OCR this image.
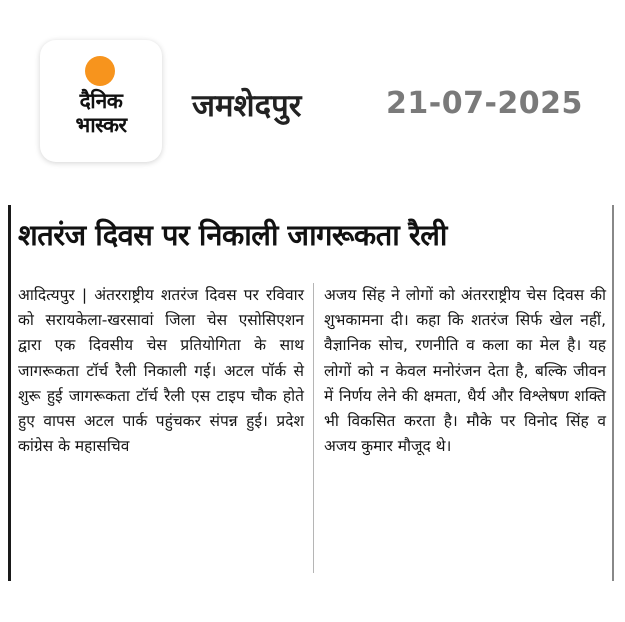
दैनिक
भास्कर
जमशेदपुर	21-07-2025
शतरंज दिवस पर निकाली जागरूकता रैली
आदित्यपुर | अंतरराष्ट्रीय शतरंज दिवस पर रविवार को सरायकेला-खरसावां जिला चेस एसोसिएशन द्वारा एक दिवसीय चेस प्रतियोगिता के साथ जागरूकता टॉर्च रैली निकाली गई। अटल पॉर्क से शुरू हुई जागरूकता टॉर्च रैली एस टाइप चौक होते हुए वापस अटल पार्क पहुंचकर संपन्न हुई। प्रदेश कांग्रेस के महासचिव
अजय सिंह ने लोगों को अंतरराष्ट्रीय चेस दिवस की शुभकामना दी। कहा कि शतरंज सिर्फ खेल नहीं, वैज्ञानिक सोच, रणनीति व कला का मेल है। यह लोगों को न केवल मनोरंजन देता है, बल्कि जीवन में निर्णय लेने की क्षमता, धैर्य और विश्लेषण शक्ति भी विकसित करता है। मौके पर विनोद सिंह व अजय कुमार मौजूद थे।
